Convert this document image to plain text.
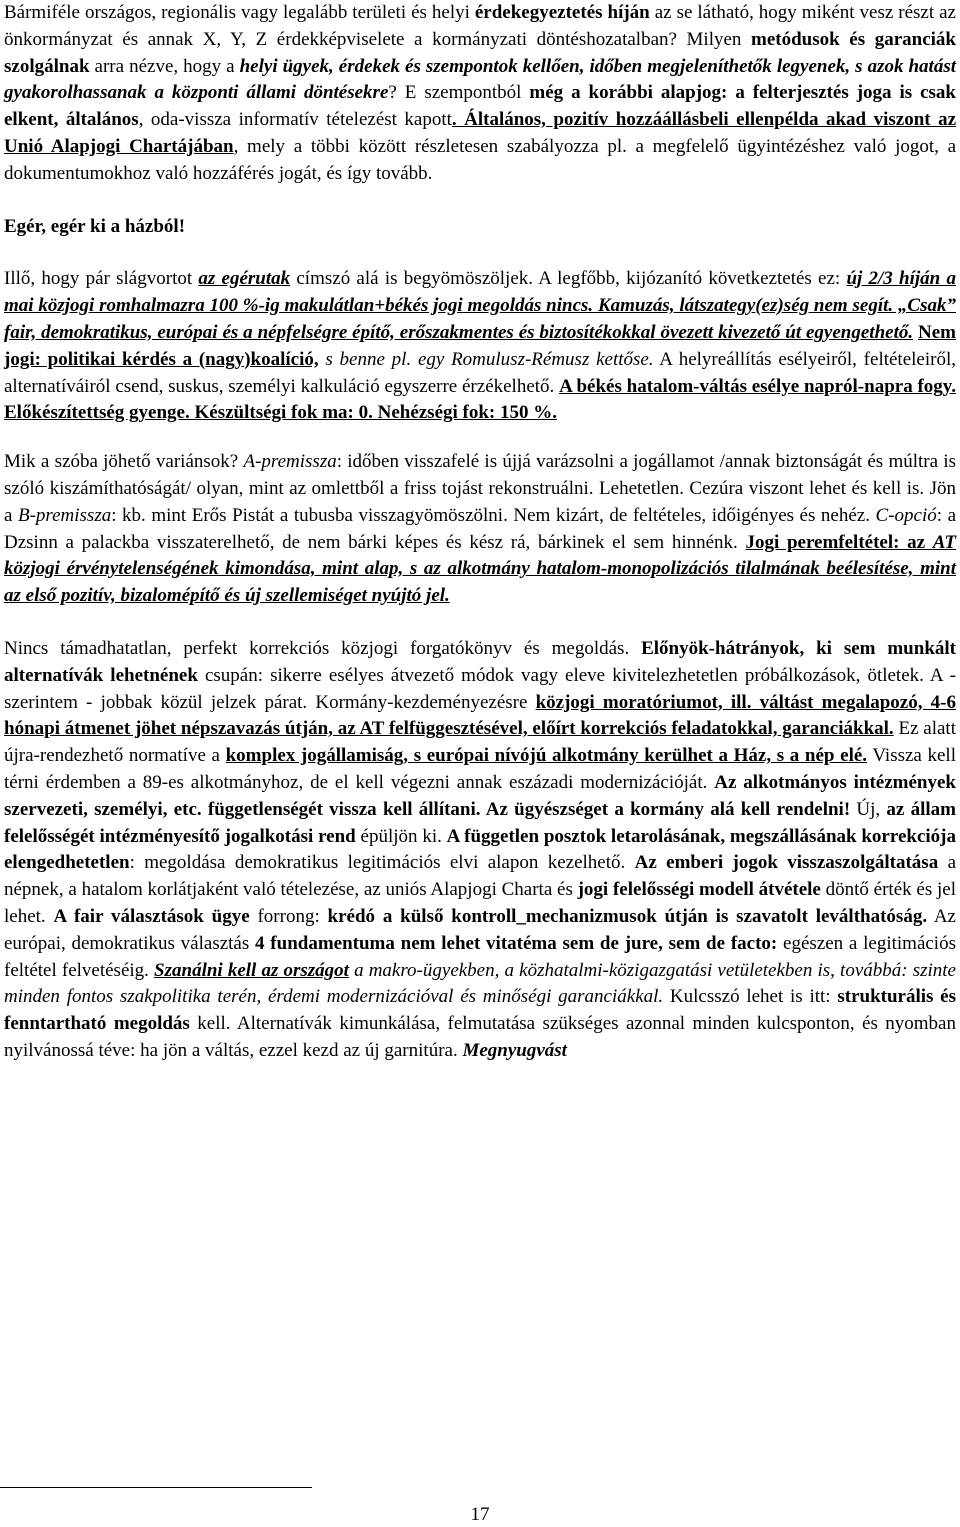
Bármiféle országos, regionális vagy legalább területi és helyi érdekegyeztetés híján az se látható, hogy miként vesz részt az önkormányzat és annak X, Y, Z érdekképviselete a kormányzati döntéshozatalban? Milyen metódusok és garanciák szolgálnak arra nézve, hogy a helyi ügyek, érdekek és szempontok kellően, időben megjeleníthetők legyenek, s azok hatást gyakorolhassanak a központi állami döntésekre? E szempontból még a korábbi alapjog: a felterjesztés joga is csak elkent, általános, oda-vissza informatív tételezést kapott. Általános, pozitív hozzáállásbeli ellenpélda akad viszont az Unió Alapjogi Chartájában, mely a többi között részletesen szabályozza pl. a megfelelő ügyintézéshez való jogot, a dokumentumokhoz való hozzáférés jogát, és így tovább.

Egér, egér ki a házból!

Illő, hogy pár slágvortot az egérutak címszó alá is begyömöszöljek. A legfőbb, kijózanító következtetés ez: új 2/3 híján a mai közjogi romhalmazra 100 %-ig makulátlan+békés jogi megoldás nincs. Kamuzás, látszategy(ez)ség nem segít. „Csak” fair, demokratikus, európai és a népfelségre építő, erőszakmentes és biztosítékokkal övezett kivezető út egyengethető. Nem jogi: politikai kérdés a (nagy)koalíció, s benne pl. egy Romulusz-Rémusz kettőse. A helyreállítás esélyeiről, feltételeiről, alternatíváiról csend, suskus, személyi kalkuláció egyszerre érzékelhető. A békés hatalom-váltás esélye napról-napra fogy. Előkészítettség gyenge. Készültségi fok ma: 0. Nehézségi fok: 150 %.

Mik a szóba jöhető variánsok? A-premissza: időben visszafelé is újjá varázsolni a jogállamot /annak biztonságát és múltra is szóló kiszámíthatóságát/ olyan, mint az omlettből a friss tojást rekonstruálni. Lehetetlen. Cezúra viszont lehet és kell is. Jön a B-premissza: kb. mint Erős Pistát a tubusba visszagyömöszölni. Nem kizárt, de feltételes, időigényes és nehéz. C-opció: a Dzsinn a palackba visszaterelhető, de nem bárki képes és kész rá, bárkinek el sem hinnénk. Jogi peremfeltétel: az AT közjogi érvénytelenségének kimondása, mint alap, s az alkotmány hatalom-monopolizációs tilalmának beélesítése, mint az első pozitív, bizalomépítő és új szellemiséget nyújtó jel.

Nincs támadhatatlan, perfekt korrekciós közjogi forgatókönyv és megoldás. Előnyök-hátrányok, ki sem munkált alternatívák lehetnének csupán: sikerre esélyes átvezető módok vagy eleve kivitelezhetetlen próbálkozások, ötletek. A - szerintem - jobbak közül jelzek párat. Kormány-kezdeményezésre közjogi moratóriumot, ill. váltást megalapozó, 4-6 hónapi átmenet jöhet népszavazás útján, az AT felfüggesztésével, előírt korrekciós feladatokkal, garanciákkal. Ez alatt újra-rendezhető normatíve a komplex jogállamiság, s európai nívójú alkotmány kerülhet a Ház, s a nép elé. Vissza kell térni érdemben a 89-es alkotmányhoz, de el kell végezni annak eszázadi modernizációját. Az alkotmányos intézmények szervezeti, személyi, etc. függetlenségét vissza kell állítani. Az ügyészséget a kormány alá kell rendelni! Új, az állam felelősségét intézményesítő jogalkotási rend épüljön ki. A független posztok letarolásának, megszállásának korrekciója elengedhetetlen: megoldása demokratikus legitimációs elvi alapon kezelhető. Az emberi jogok visszaszolgáltatása a népnek, a hatalom korlátjaként való tételezése, az uniós Alapjogi Charta és jogi felelősségi modell átvétele döntő érték és jel lehet. A fair választások ügye forrong: krédó a külső kontroll_mechanizmusok útján is szavatolt leválthatóság. Az európai, demokratikus választás 4 fundamentuma nem lehet vitatéma sem de jure, sem de facto: egészen a legitimációs feltétel felvetéséig. Szanálni kell az országot a makro-ügyekben, a közhatalmi-közigazgatási vetületekben is, továbbá: szinte minden fontos szakpolitika terén, érdemi modernizációval és minőségi garanciákkal. Kulcsszó lehet is itt: strukturális és fenntartható megoldás kell. Alternatívák kimunkálása, felmutatása szükséges azonnal minden kulcsponton, és nyomban nyilvánossá téve: ha jön a váltás, ezzel kezd az új garnitúra. Megnyugvást

17
